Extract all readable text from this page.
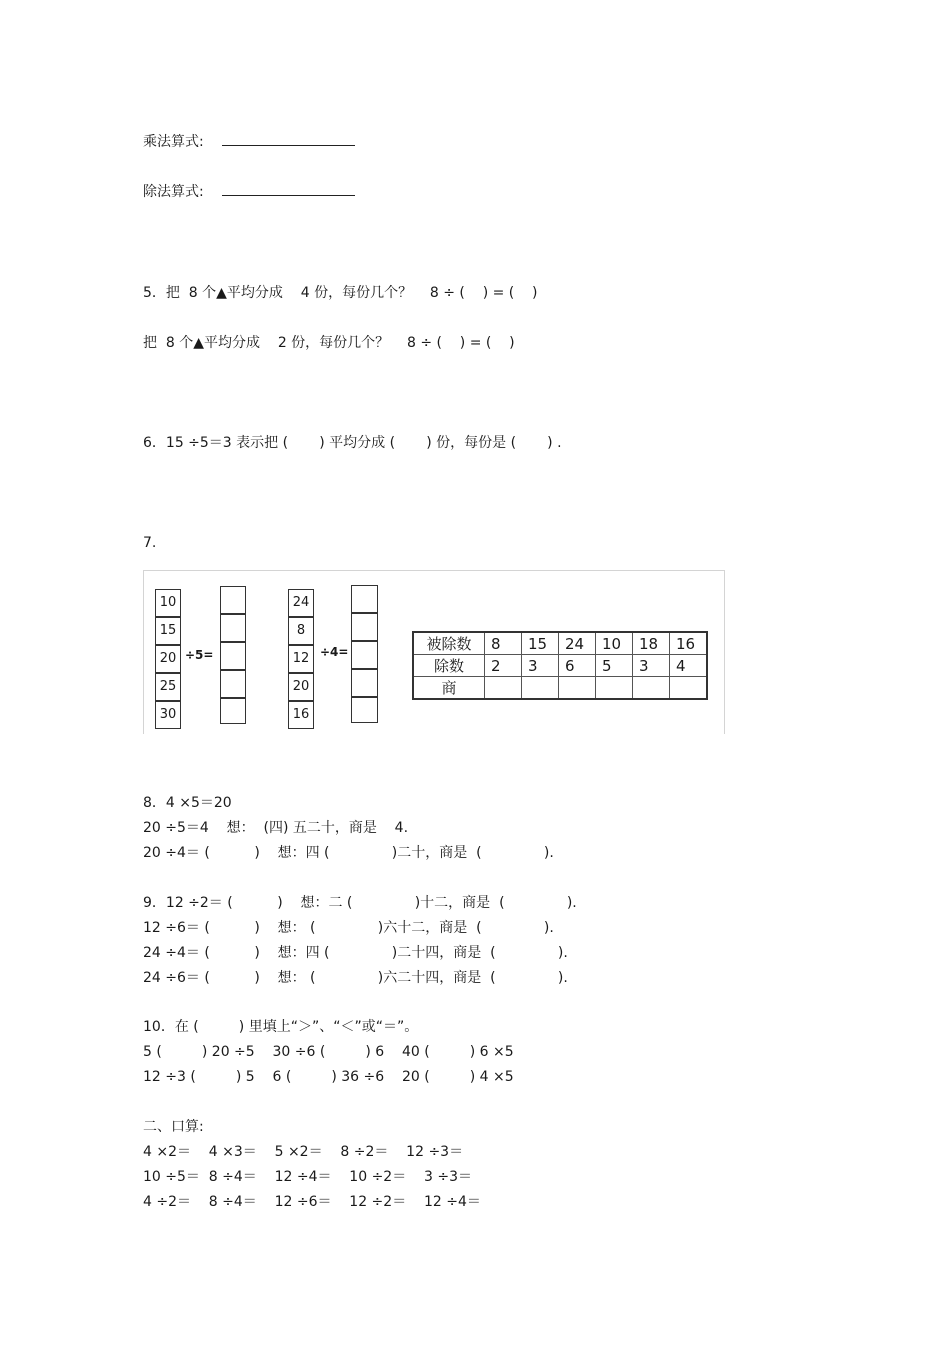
乘法算式:
除法算式:
5．把  8 个▲平均分成    4 份，每份几个？    8 ÷ (    ) = (    )
把  8 个▲平均分成    2 份，每份几个？    8 ÷ (    ) = (    )
6．15 ÷5＝3 表示把 (       ) 平均分成 (       ) 份，每份是 (       ) .
7.
10
15
20
25
30
÷5=
24
8
12
20
16
÷4=	被除数	8	15	24	10	18	16
除数	2	3	6	5	3	4
商						
8．4 ×5＝20
20 ÷5＝4    想：  (四) 五二十，商是    4.
20 ÷4＝ (          )    想：四 (              )二十，商是  (              ).
9．12 ÷2＝ (          )    想：二 (              )十二，商是  (              ).
12 ÷6＝ (          )    想： (              )六十二，商是  (              ).
24 ÷4＝ (          )    想：四 (              )二十四，商是  (              ).
24 ÷6＝ (          )    想： (              )六二十四，商是  (              ).
10．在 (         ) 里填上“＞”、“＜”或“＝”。
5 (         ) 20 ÷5    30 ÷6 (         ) 6    40 (         ) 6 ×5
12 ÷3 (         ) 5    6 (         ) 36 ÷6    20 (         ) 4 ×5
二、口算:
4 ×2＝    4 ×3＝    5 ×2＝    8 ÷2＝    12 ÷3＝
10 ÷5＝  8 ÷4＝    12 ÷4＝    10 ÷2＝    3 ÷3＝
4 ÷2＝    8 ÷4＝    12 ÷6＝    12 ÷2＝    12 ÷4＝
